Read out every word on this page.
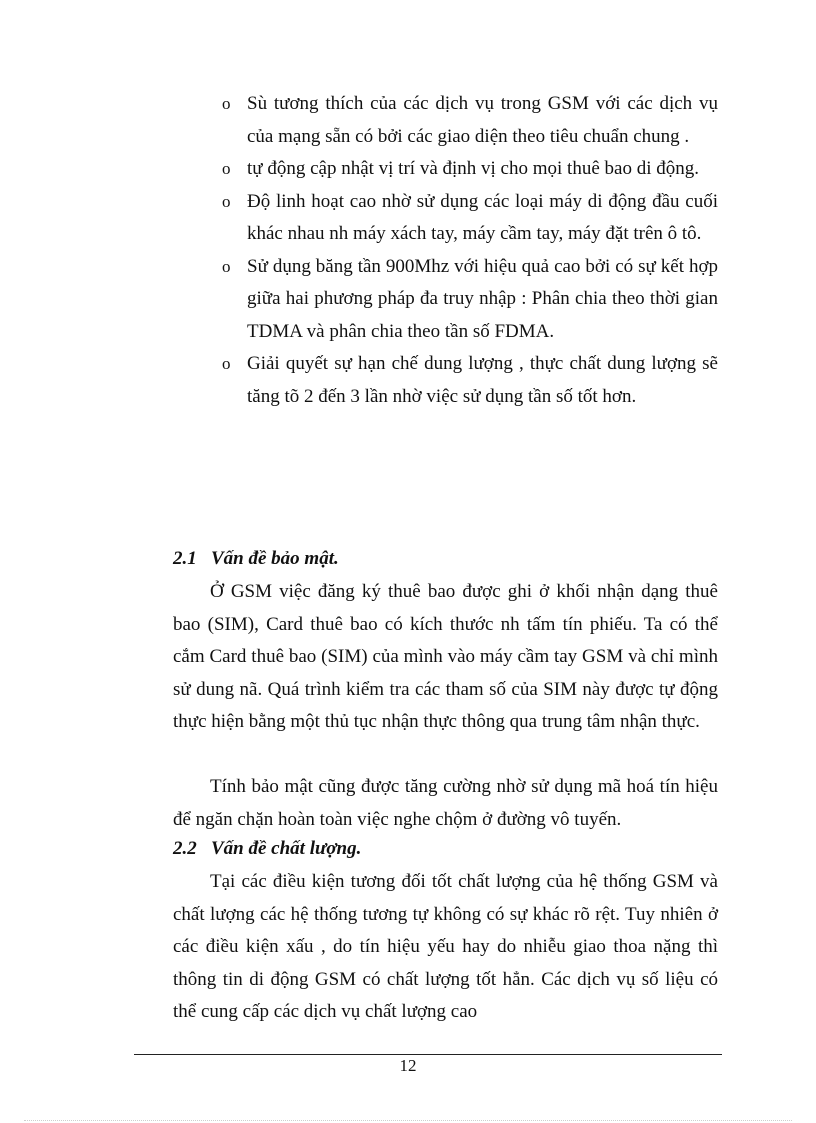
o Sù tương thích của các dịch vụ trong GSM với các dịch vụ của mạng sẵn có bởi các giao diện theo tiêu chuẩn chung .
o tự động cập nhật vị trí và định vị cho mọi thuê bao di động.
o Độ linh hoạt cao nhờ sử dụng các loại máy di động đầu cuối khác nhau nh máy xách tay, máy cầm tay, máy đặt trên ô tô.
o Sử dụng băng tần 900Mhz với hiệu quả cao bởi có sự kết hợp giữa hai phương pháp đa truy nhập : Phân chia theo thời gian TDMA và phân chia theo tần số FDMA.
o Giải quyết sự hạn chế dung lượng , thực chất dung lượng sẽ tăng tõ 2 đến 3 lần nhờ việc sử dụng tần số tốt hơn.
2.1 Vấn đề bảo mật.

Ở GSM việc đăng ký thuê bao được ghi ở khối nhận dạng thuê bao (SIM), Card thuê bao có kích thước nh tấm tín phiếu. Ta có thể cắm Card thuê bao (SIM) của mình vào máy cầm tay GSM và chỉ mình sử dung nã. Quá trình kiểm tra các tham số của SIM này được tự động thực hiện bằng một thủ tục nhận thực thông qua trung tâm nhận thực.

Tính bảo mật cũng được tăng cường nhờ sử dụng mã hoá tín hiệu để ngăn chặn hoàn toàn việc nghe chộm ở đường vô tuyến.

2.2 Vấn đề chất lượng.

Tại các điều kiện tương đối tốt chất lượng của hệ thống GSM và chất lượng các hệ thống tương tự không có sự khác rõ rệt. Tuy nhiên ở các điều kiện xấu , do tín hiệu yếu hay do nhiễu giao thoa nặng thì thông tin di động GSM có chất lượng tốt hẳn. Các dịch vụ số liệu có thể cung cấp các dịch vụ chất lượng cao

12
